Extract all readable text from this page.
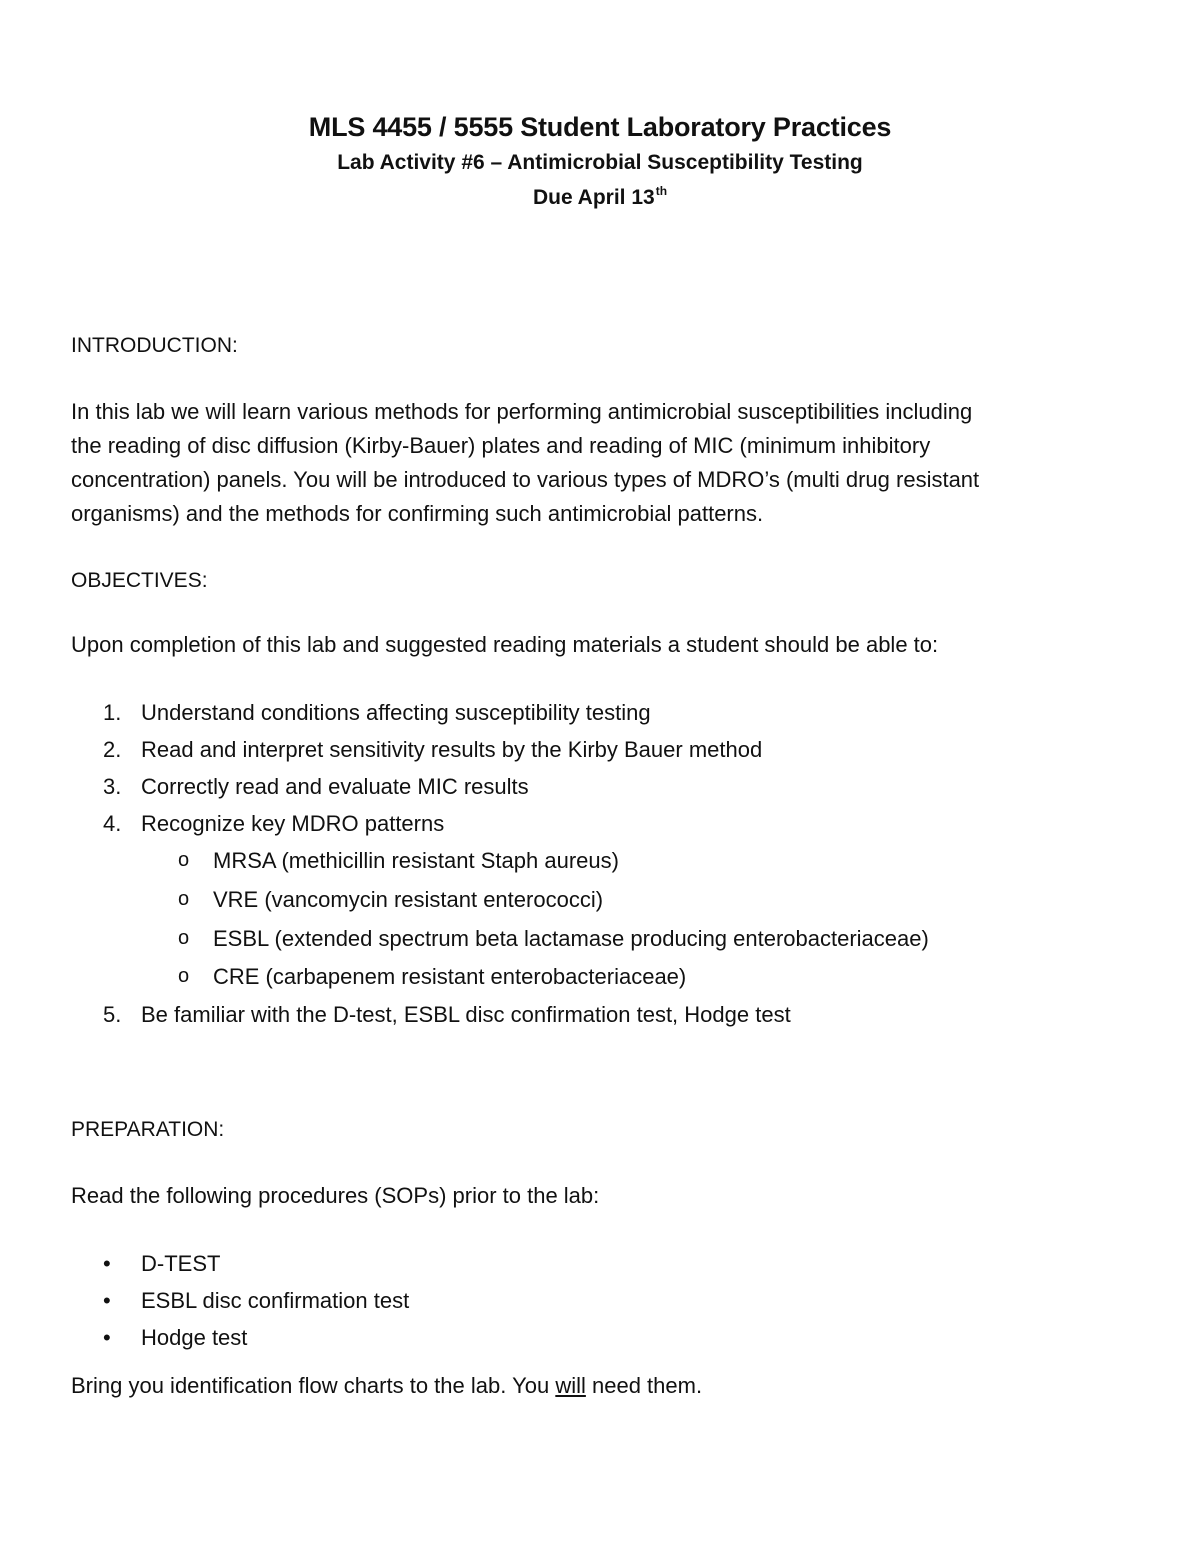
MLS 4455 / 5555 Student Laboratory Practices
Lab Activity #6 – Antimicrobial Susceptibility Testing
Due April 13th
INTRODUCTION:
In this lab we will learn various methods for performing antimicrobial susceptibilities including
the reading of disc diffusion (Kirby-Bauer) plates and reading of MIC (minimum inhibitory
concentration) panels. You will be introduced to various types of MDRO’s (multi drug resistant
organisms) and the methods for confirming such antimicrobial patterns.
OBJECTIVES:
Upon completion of this lab and suggested reading materials a student should be able to:
1. Understand conditions affecting susceptibility testing
2. Read and interpret sensitivity results by the Kirby Bauer method
3. Correctly read and evaluate MIC results
4. Recognize key MDRO patterns
o MRSA (methicillin resistant Staph aureus)
o VRE (vancomycin resistant enterococci)
o ESBL (extended spectrum beta lactamase producing enterobacteriaceae)
o CRE (carbapenem resistant enterobacteriaceae)
5. Be familiar with the D-test, ESBL disc confirmation test, Hodge test
PREPARATION:
Read the following procedures (SOPs) prior to the lab:
• D-TEST
• ESBL disc confirmation test
• Hodge test
Bring you identification flow charts to the lab. You will need them.
